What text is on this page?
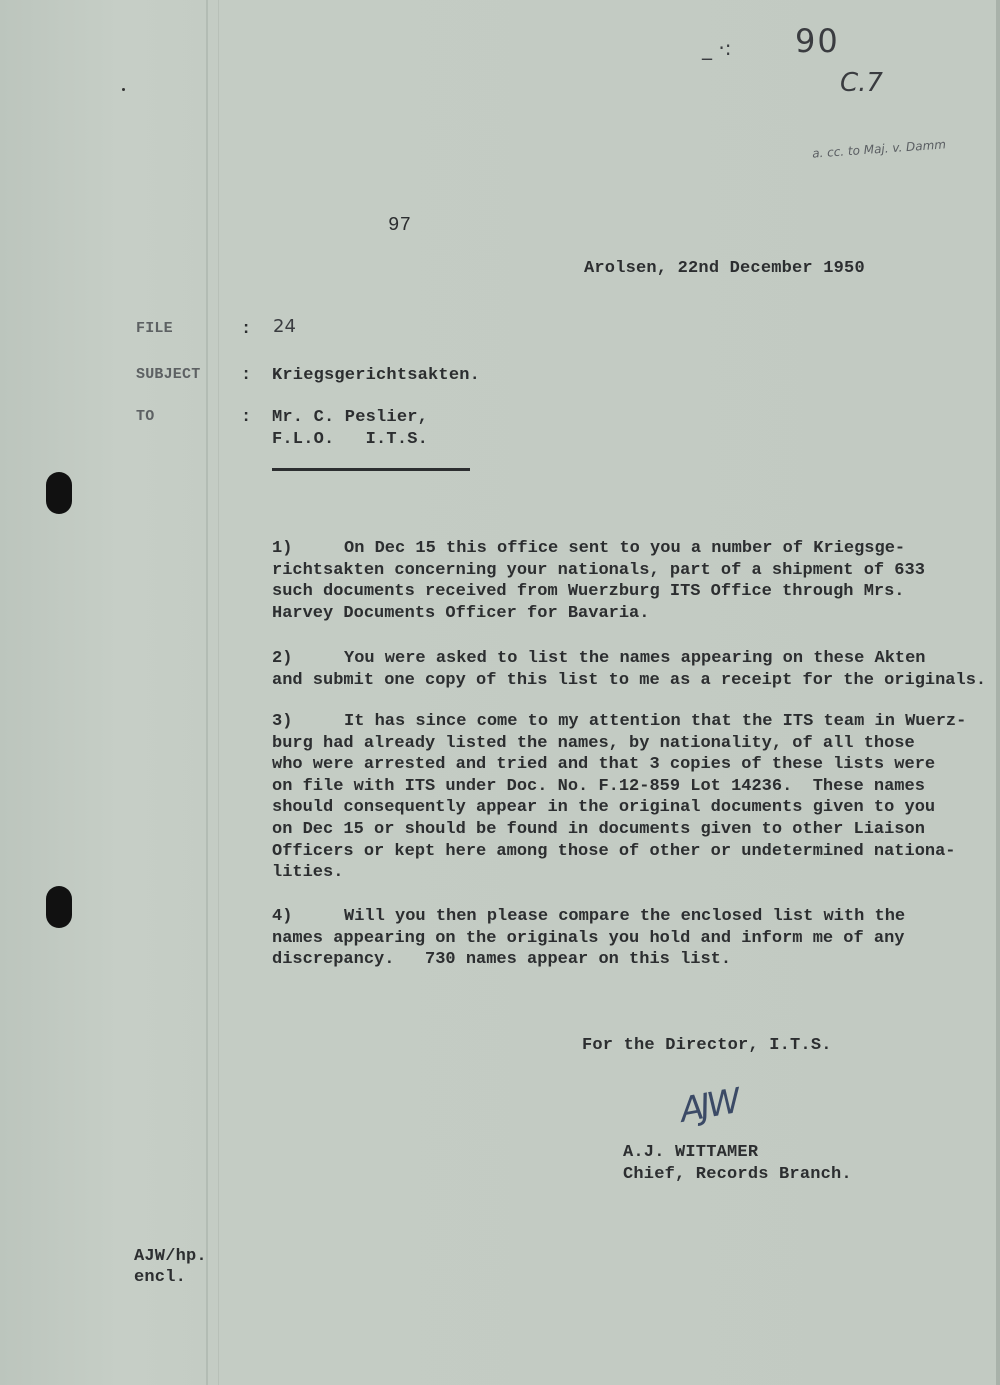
_ ·: 90
C.7
a. cc. to Maj. v. Damm
97
Arolsen, 22nd December 1950
FILE	: 24
SUBJECT : Kriegsgerichtsakten.
TO	: Mr. C. Peslier,
F.L.O.   I.T.S.
1)	On Dec 15 this office sent to you a number of Kriegsge-
richtsakten concerning your nationals, part of a shipment of 633
such documents received from Wuerzburg ITS Office through Mrs.
Harvey Documents Officer for Bavaria.
2)	You were asked to list the names appearing on these Akten
and submit one copy of this list to me as a receipt for the originals.
3)	It has since come to my attention that the ITS team in Wuerz-
burg had already listed the names, by nationality, of all those
who were arrested and tried and that 3 copies of these lists were
on file with ITS under Doc. No. F.12-859 Lot 14236.  These names
should consequently appear in the original documents given to you
on Dec 15 or should be found in documents given to other Liaison
Officers or kept here among those of other or undetermined nationa-
lities.
4)	Will you then please compare the enclosed list with the
names appearing on the originals you hold and inform me of any
discrepancy.   730 names appear on this list.
For the Director, I.T.S.
AJW
A.J. WITTAMER
Chief, Records Branch.
AJW/hp.
encl.
